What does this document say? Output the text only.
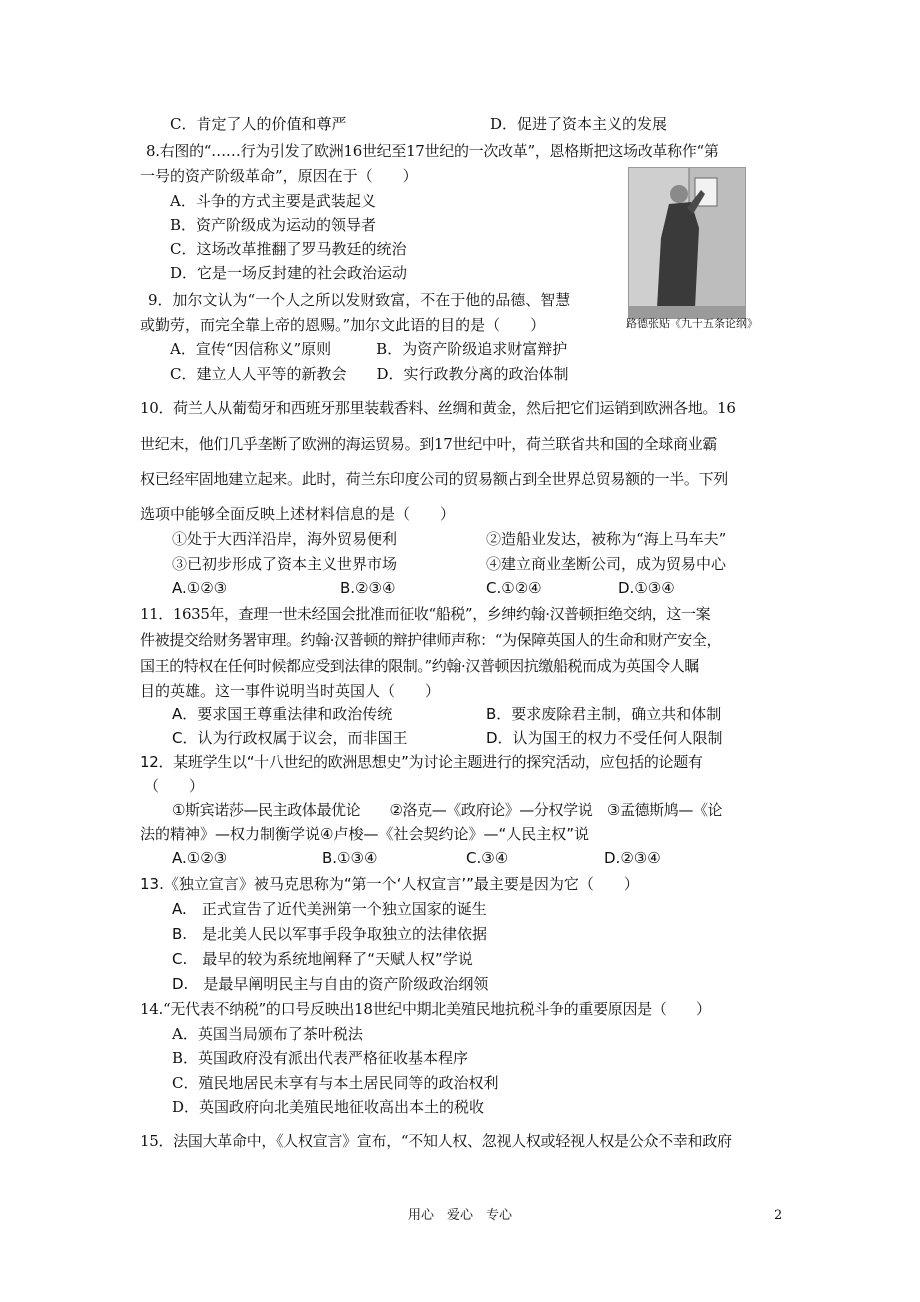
C．肯定了人的价值和尊严	D．促进了资本主义的发展
8.右图的“……行为引发了欧洲16世纪至17世纪的一次改革”，恩格斯把这场改革称作“第
一号的资产阶级革命”，原因在于（　　）
A．斗争的方式主要是武装起义
B．资产阶级成为运动的领导者
C．这场改革推翻了罗马教廷的统治
D．它是一场反封建的社会政治运动
路德张贴《九十五条论纲》
9．加尔文认为“一个人之所以发财致富，不在于他的品德、智慧
或勤劳，而完全靠上帝的恩赐。”加尔文此语的目的是（　　）
A．宣传“因信称义”原则　　　B．为资产阶级追求财富辩护
C．建立人人平等的新教会　　D．实行政教分离的政治体制
10．荷兰人从葡萄牙和西班牙那里装载香料、丝绸和黄金，然后把它们运销到欧洲各地。16
世纪末，他们几乎垄断了欧洲的海运贸易。到17世纪中叶，荷兰联省共和国的全球商业霸
权已经牢固地建立起来。此时，荷兰东印度公司的贸易额占到全世界总贸易额的一半。下列
选项中能够全面反映上述材料信息的是（　　）
①处于大西洋沿岸，海外贸易便利	②造船业发达，被称为“海上马车夫”
③已初步形成了资本主义世界市场	④建立商业垄断公司，成为贸易中心
A.①②③	B.②③④	C.①②④	D.①③④
11．1635年，查理一世未经国会批准而征收“船税”，乡绅约翰·汉普顿拒绝交纳，这一案
件被提交给财务署审理。约翰·汉普顿的辩护律师声称：“为保障英国人的生命和财产安全，
国王的特权在任何时候都应受到法律的限制。”约翰·汉普顿因抗缴船税而成为英国令人瞩
目的英雄。这一事件说明当时英国人（　　）
A．要求国王尊重法律和政治传统	B．要求废除君主制，确立共和体制
C．认为行政权属于议会，而非国王	D．认为国王的权力不受任何人限制
12．某班学生以“十八世纪的欧洲思想史”为讨论主题进行的探究活动，应包括的论题有
（　　）
①斯宾诺莎—民主政体最优论　　②洛克—《政府论》—分权学说　③孟德斯鸠—《论
法的精神》—权力制衡学说④卢梭—《社会契约论》—“人民主权”说
A.①②③	B.①③④	C.③④	D.②③④
13.《独立宣言》被马克思称为“第一个‘人权宣言’”最主要是因为它（　　）
A.　正式宣告了近代美洲第一个独立国家的诞生
B.　是北美人民以军事手段争取独立的法律依据
C.　最早的较为系统地阐释了“天赋人权”学说
D.　是最早阐明民主与自由的资产阶级政治纲领
14.“无代表不纳税”的口号反映出18世纪中期北美殖民地抗税斗争的重要原因是（　　）
A．英国当局颁布了茶叶税法
B．英国政府没有派出代表严格征收基本程序
C．殖民地居民未享有与本土居民同等的政治权利
D．英国政府向北美殖民地征收高出本土的税收
15．法国大革命中，《人权宣言》宣布，“不知人权、忽视人权或轻视人权是公众不幸和政府
用心　爱心　专心	2
